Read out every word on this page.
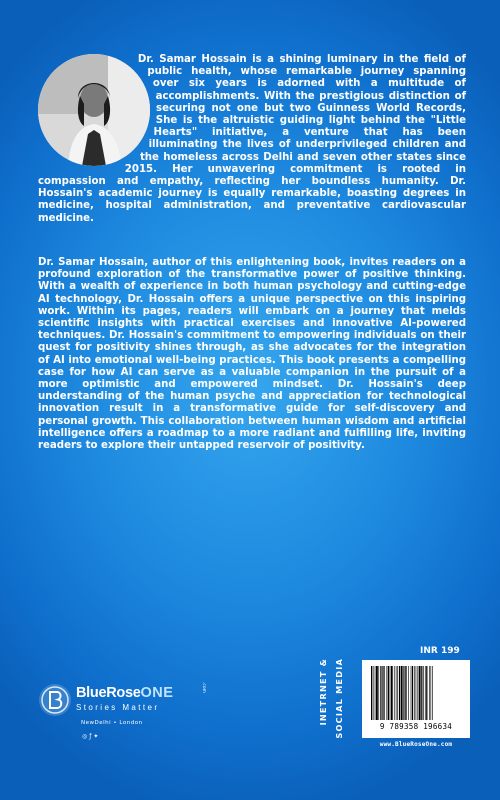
Dr. Samar Hossain is a shining luminary in the field of public health, whose remarkable journey spanning over six years is adorned with a multitude of accomplishments. With the prestigious distinction of securing not one but two Guinness World Records, She is the altruistic guiding light behind the "Little Hearts" initiative, a venture that has been illuminating the lives of underprivileged children and the homeless across Delhi and seven other states since 2015. Her unwavering commitment is rooted in compassion and empathy, reflecting her boundless humanity. Dr. Hossain's academic journey is equally remarkable, boasting degrees in medicine, hospital administration, and preventative cardiovascular medicine.

Dr. Samar Hossain, author of this enlightening book, invites readers on a profound exploration of the transformative power of positive thinking. With a wealth of experience in both human psychology and cutting-edge AI technology, Dr. Hossain offers a unique perspective on this inspiring work. Within its pages, readers will embark on a journey that melds scientific insights with practical exercises and innovative AI-powered techniques. Dr. Hossain's commitment to empowering individuals on their quest for positivity shines through, as she advocates for the integration of AI into emotional well-being practices. This book presents a compelling case for how AI can serve as a valuable companion in the pursuit of a more optimistic and empowered mindset. Dr. Hossain's deep understanding of the human psyche and appreciation for technological innovation result in a transformative guide for self-discovery and personal growth. This collaboration between human wisdom and artificial intelligence offers a roadmap to a more radiant and fulfilling life, inviting readers to explore their untapped reservoir of positivity.

INR 199
INETRNET & SOCIAL MEDIA	9 789358 196634
www.BlueRoseOne.com
BlueRoseONE	.com
Stories Matter
NewDelhi • London
◎ ƒ ✦
